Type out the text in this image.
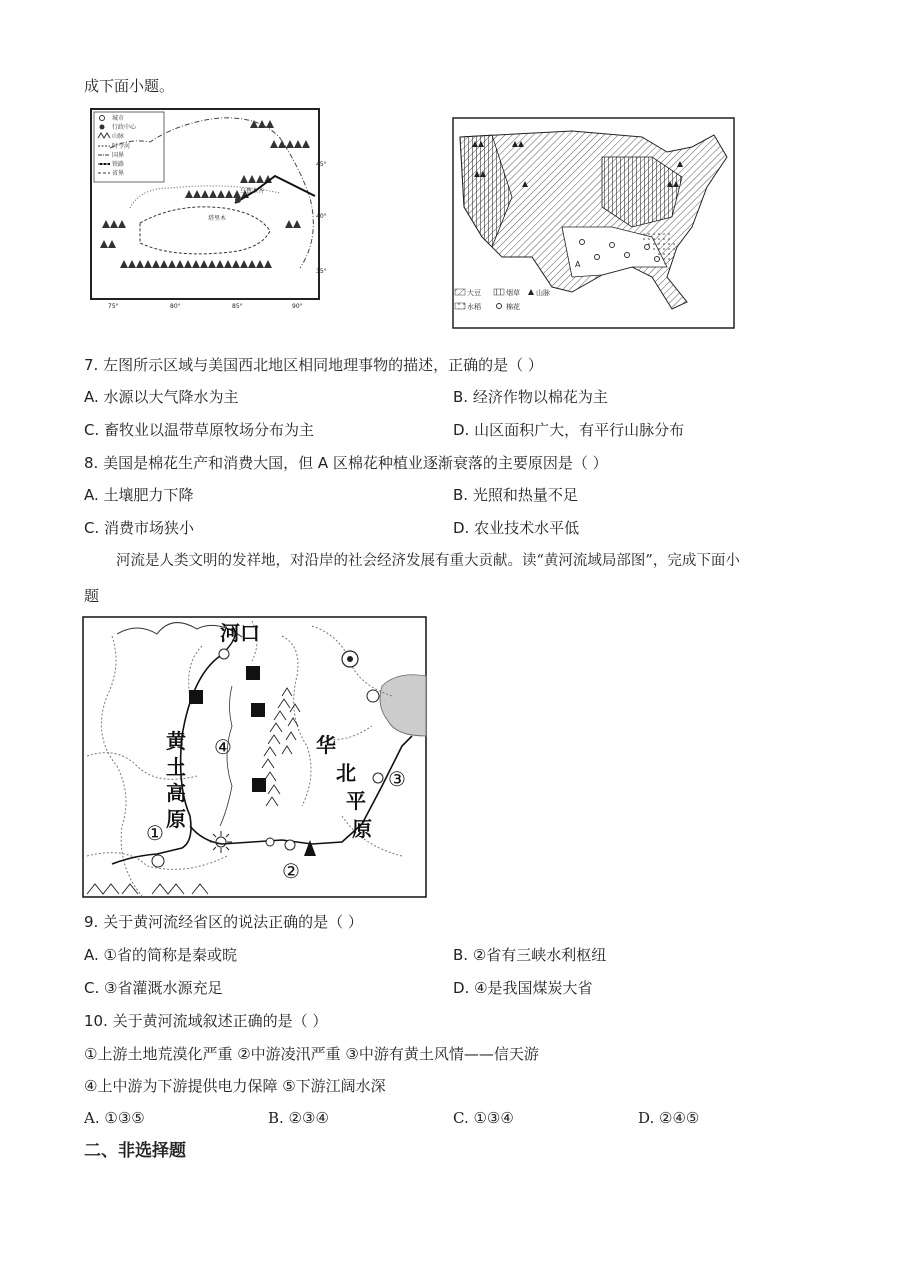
成下面小题。
城市
行政中心
山脉
时令河
国界
铁路
省界
乌鲁木齐
塔里木
45°
40°
35°
75°	80°	85°	90°
A
大豆	烟草 山脉
水稻	棉花
7. 左图所示区域与美国西北地区相同地理事物的描述，正确的是（ ）
A. 水源以大气降水为主	B. 经济作物以棉花为主
C. 畜牧业以温带草原牧场分布为主	D. 山区面积广大，有平行山脉分布
8. 美国是棉花生产和消费大国，但 A 区棉花种植业逐渐衰落的主要原因是（ ）
A. 土壤肥力下降	B. 光照和热量不足
C. 消费市场狭小	D. 农业技术水平低
河流是人类文明的发祥地，对沿岸的社会经济发展有重大贡献。读“黄河流域局部图”，完成下面小
题
河口
黄
土
高
原
华
北
平
原
①
②
③
④
9. 关于黄河流经省区的说法正确的是（ ）
A. ①省的简称是秦或晥	B. ②省有三峡水利枢纽
C. ③省灌溉水源充足	D. ④是我国煤炭大省
10. 关于黄河流域叙述正确的是（ ）
①上游土地荒漠化严重 ②中游凌汛严重 ③中游有黄土风情——信天游
④上中游为下游提供电力保障 ⑤下游江阔水深
A. ①③⑤	B. ②③④	C. ①③④	D. ②④⑤
二、非选择题
